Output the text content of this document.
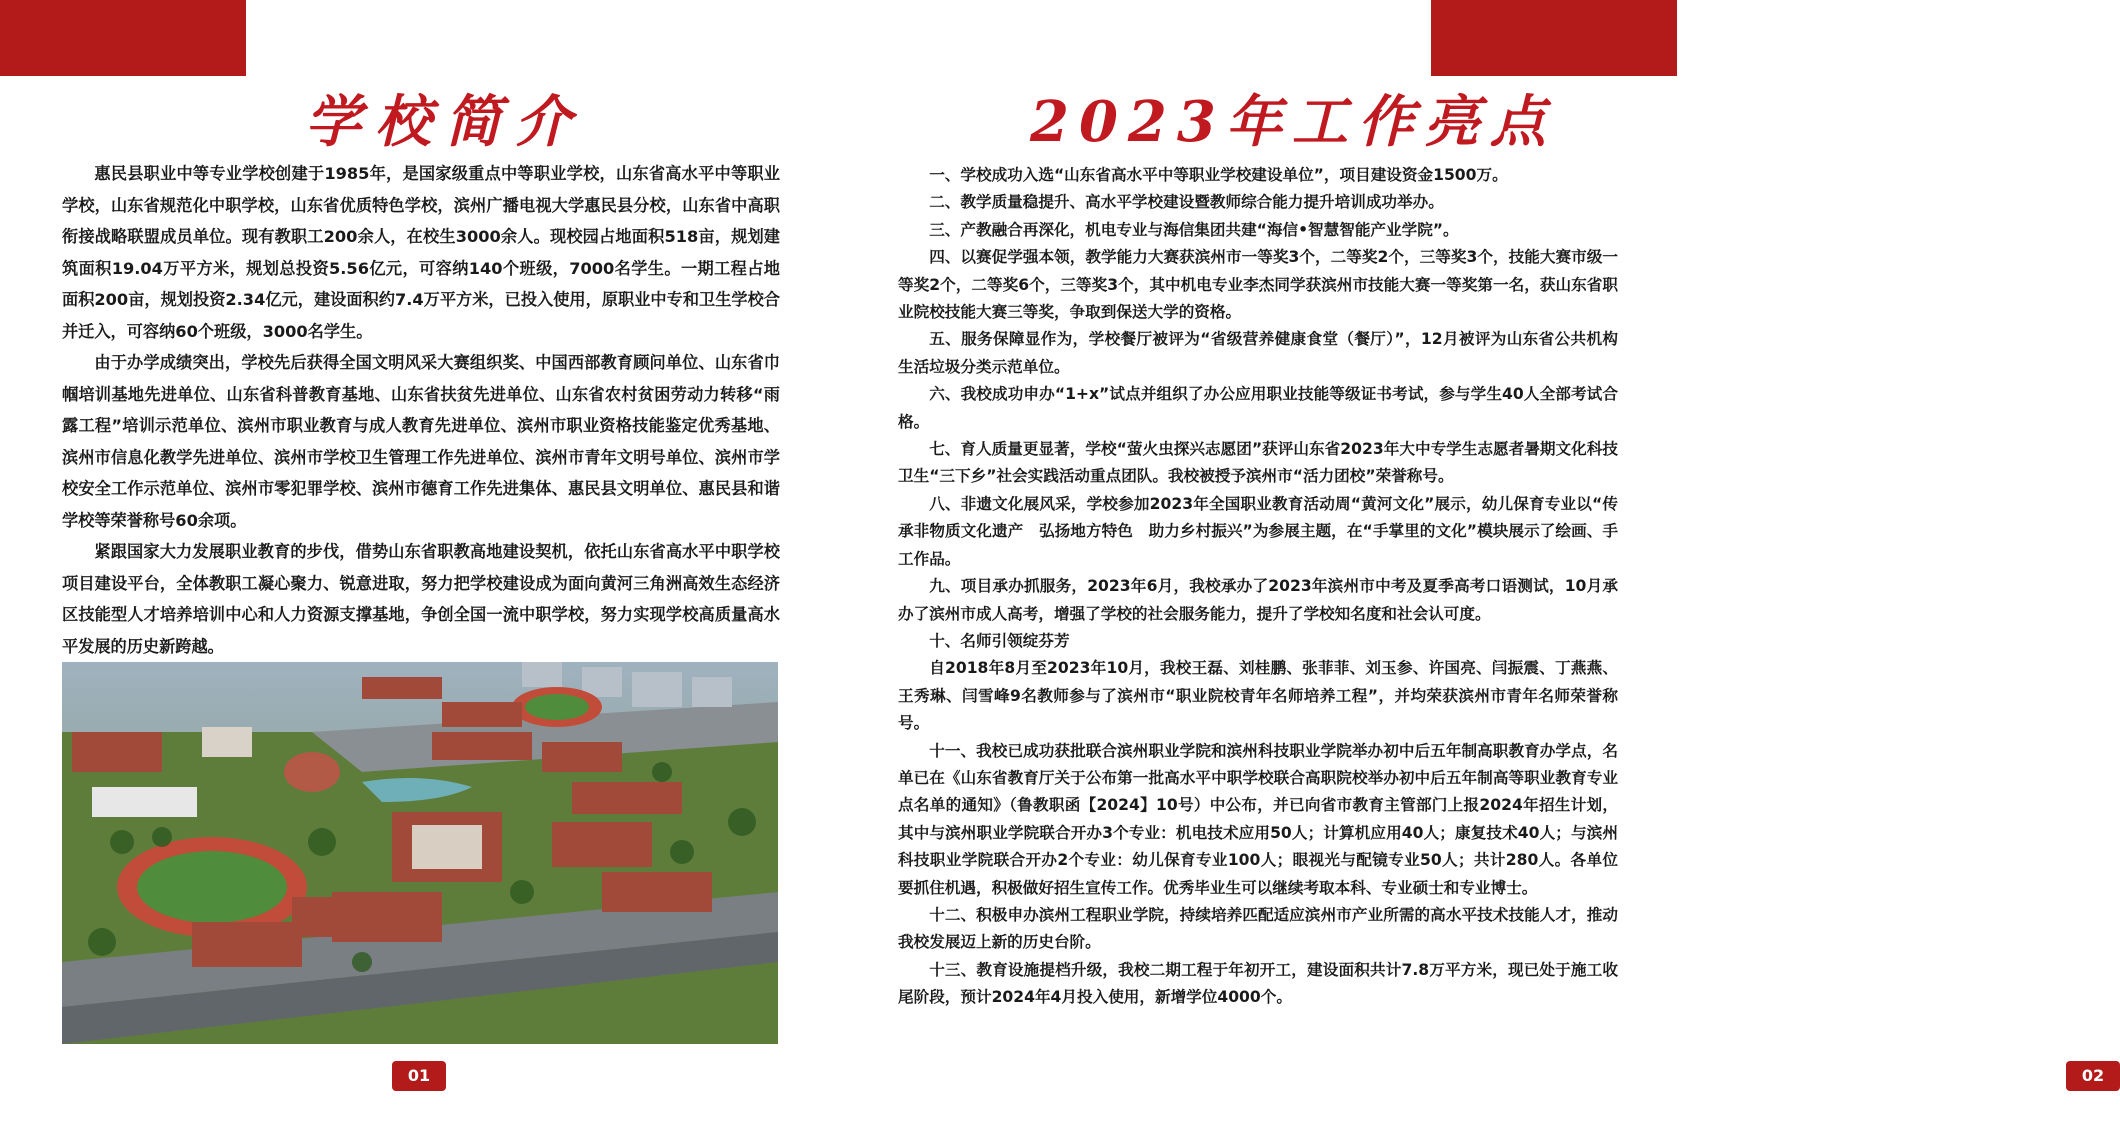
学校简介

惠民县职业中等专业学校创建于1985年，是国家级重点中等职业学校，山东省高水平中等职业学校，山东省规范化中职学校，山东省优质特色学校，滨州广播电视大学惠民县分校，山东省中高职衔接战略联盟成员单位。现有教职工200余人，在校生3000余人。现校园占地面积518亩，规划建筑面积19.04万平方米，规划总投资5.56亿元，可容纳140个班级，7000名学生。一期工程占地面积200亩，规划投资2.34亿元，建设面积约7.4万平方米，已投入使用，原职业中专和卫生学校合并迁入，可容纳60个班级，3000名学生。

由于办学成绩突出，学校先后获得全国文明风采大赛组织奖、中国西部教育顾问单位、山东省巾帼培训基地先进单位、山东省科普教育基地、山东省扶贫先进单位、山东省农村贫困劳动力转移“雨露工程”培训示范单位、滨州市职业教育与成人教育先进单位、滨州市职业资格技能鉴定优秀基地、滨州市信息化教学先进单位、滨州市学校卫生管理工作先进单位、滨州市青年文明号单位、滨州市学校安全工作示范单位、滨州市零犯罪学校、滨州市德育工作先进集体、惠民县文明单位、惠民县和谐学校等荣誉称号60余项。

紧跟国家大力发展职业教育的步伐，借势山东省职教高地建设契机，依托山东省高水平中职学校项目建设平台，全体教职工凝心聚力、锐意进取，努力把学校建设成为面向黄河三角洲高效生态经济区技能型人才培养培训中心和人力资源支撑基地，争创全国一流中职学校，努力实现学校高质量高水平发展的历史新跨越。

01
2023年工作亮点

一、学校成功入选“山东省高水平中等职业学校建设单位”，项目建设资金1500万。

二、教学质量稳提升、高水平学校建设暨教师综合能力提升培训成功举办。

三、产教融合再深化，机电专业与海信集团共建“海信•智慧智能产业学院”。

四、以赛促学强本领，教学能力大赛获滨州市一等奖3个，二等奖2个，三等奖3个，技能大赛市级一等奖2个，二等奖6个，三等奖3个，其中机电专业李杰同学获滨州市技能大赛一等奖第一名，获山东省职业院校技能大赛三等奖，争取到保送大学的资格。

五、服务保障显作为，学校餐厅被评为“省级营养健康食堂（餐厅）”，12月被评为山东省公共机构生活垃圾分类示范单位。

六、我校成功申办“1+x”试点并组织了办公应用职业技能等级证书考试，参与学生40人全部考试合格。

七、育人质量更显著，学校“萤火虫探兴志愿团”获评山东省2023年大中专学生志愿者暑期文化科技卫生“三下乡”社会实践活动重点团队。我校被授予滨州市“活力团校”荣誉称号。

八、非遗文化展风采，学校参加2023年全国职业教育活动周“黄河文化”展示，幼儿保育专业以“传承非物质文化遗产　弘扬地方特色　助力乡村振兴”为参展主题，在“手掌里的文化”模块展示了绘画、手工作品。

九、项目承办抓服务，2023年6月，我校承办了2023年滨州市中考及夏季高考口语测试，10月承办了滨州市成人高考，增强了学校的社会服务能力，提升了学校知名度和社会认可度。

十、名师引领绽芬芳

自2018年8月至2023年10月，我校王磊、刘桂鹏、张菲菲、刘玉参、许国亮、闫振震、丁燕燕、王秀琳、闫雪峰9名教师参与了滨州市“职业院校青年名师培养工程”，并均荣获滨州市青年名师荣誉称号。

十一、我校已成功获批联合滨州职业学院和滨州科技职业学院举办初中后五年制高职教育办学点，名单已在《山东省教育厅关于公布第一批高水平中职学校联合高职院校举办初中后五年制高等职业教育专业点名单的通知》（鲁教职函【2024】10号）中公布，并已向省市教育主管部门上报2024年招生计划，其中与滨州职业学院联合开办3个专业：机电技术应用50人；计算机应用40人；康复技术40人；与滨州科技职业学院联合开办2个专业：幼儿保育专业100人；眼视光与配镜专业50人；共计280人。各单位要抓住机遇，积极做好招生宣传工作。优秀毕业生可以继续考取本科、专业硕士和专业博士。

十二、积极申办滨州工程职业学院，持续培养匹配适应滨州市产业所需的高水平技术技能人才，推动我校发展迈上新的历史台阶。

十三、教育设施提档升级，我校二期工程于年初开工，建设面积共计7.8万平方米，现已处于施工收尾阶段，预计2024年4月投入使用，新增学位4000个。

02
